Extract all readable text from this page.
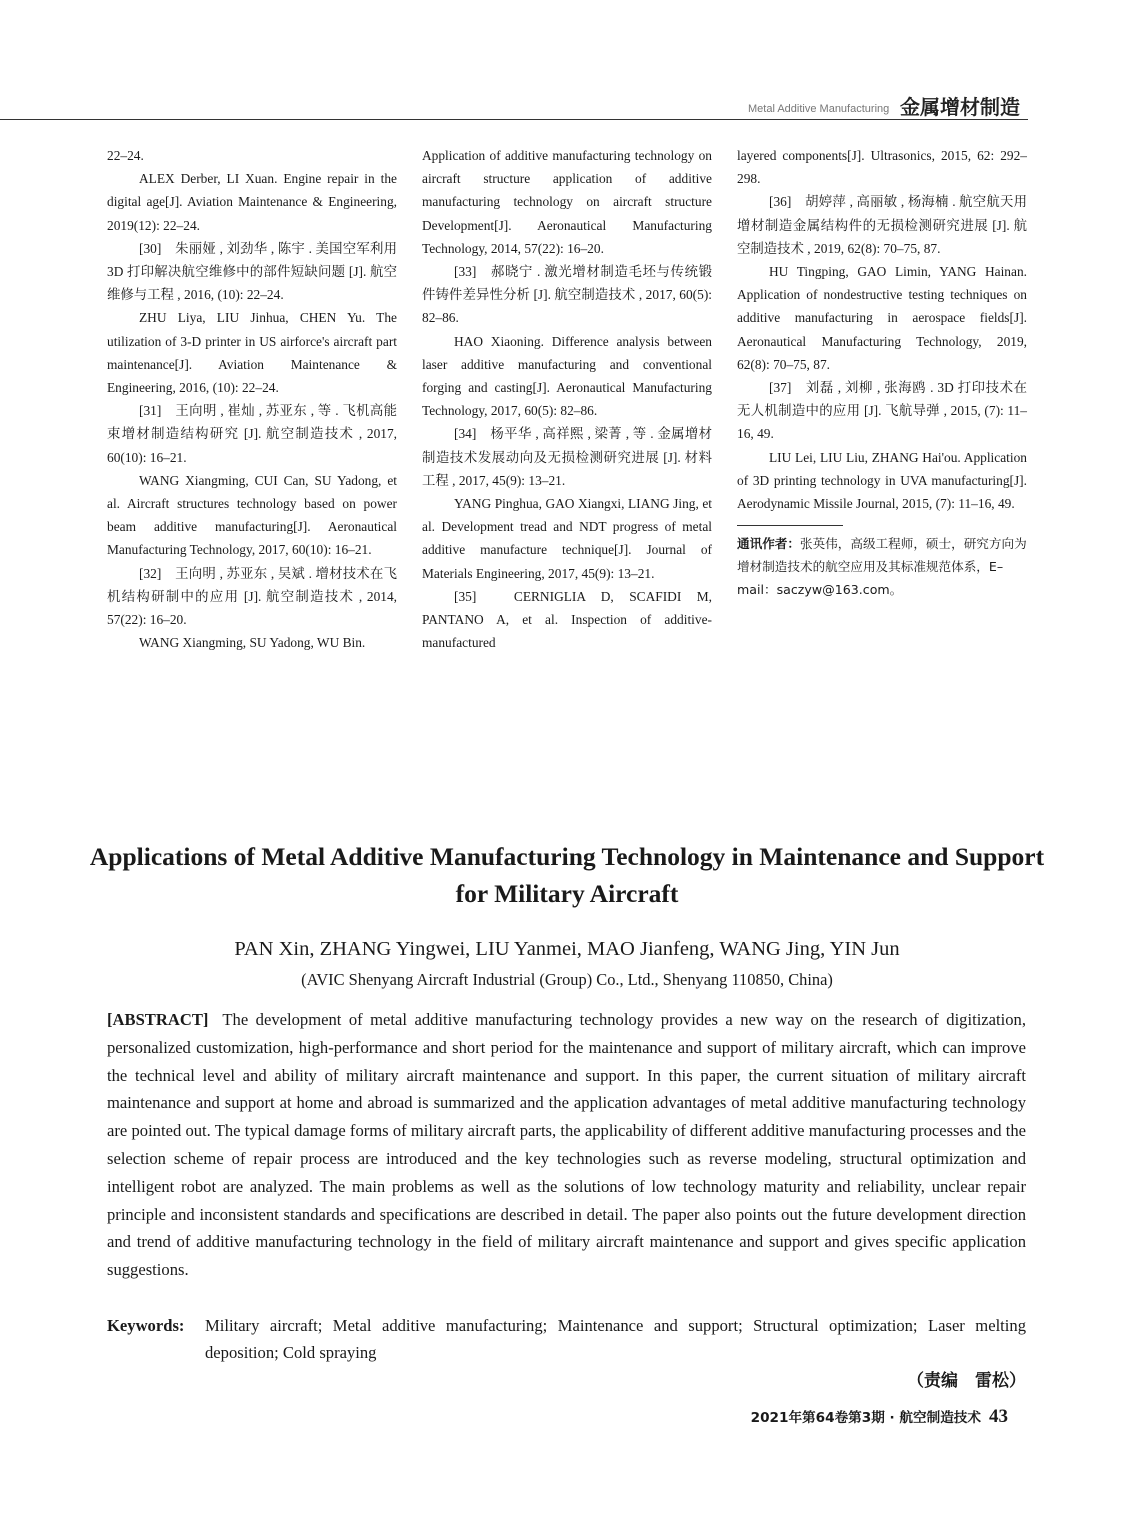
Metal Additive Manufacturing 金属增材制造

22–24.

ALEX Derber, LI Xuan. Engine repair in the digital age[J]. Aviation Maintenance & Engineering, 2019(12): 22–24.

[30]　朱丽娅 , 刘劲华 , 陈宇 . 美国空军利用 3D 打印解决航空维修中的部件短缺问题 [J]. 航空维修与工程 , 2016, (10): 22–24.

ZHU Liya, LIU Jinhua, CHEN Yu. The utilization of 3-D printer in US airforce's aircraft part maintenance[J]. Aviation Maintenance & Engineering, 2016, (10): 22–24.

[31]　王向明 , 崔灿 , 苏亚东 , 等 . 飞机高能束增材制造结构研究 [J]. 航空制造技术 , 2017, 60(10): 16–21.

WANG Xiangming, CUI Can, SU Yadong, et al. Aircraft structures technology based on power beam additive manufacturing[J]. Aeronautical Manufacturing Technology, 2017, 60(10): 16–21.

[32]　王向明 , 苏亚东 , 吴斌 . 增材技术在飞机结构研制中的应用 [J]. 航空制造技术 , 2014, 57(22): 16–20.

WANG Xiangming, SU Yadong, WU Bin.

Application of additive manufacturing technology on aircraft structure application of additive manufacturing technology on aircraft structure Development[J]. Aeronautical Manufacturing Technology, 2014, 57(22): 16–20.

[33]　郝晓宁 . 激光增材制造毛坯与传统锻件铸件差异性分析 [J]. 航空制造技术 , 2017, 60(5): 82–86.

HAO Xiaoning. Difference analysis between laser additive manufacturing and conventional forging and casting[J]. Aeronautical Manufacturing Technology, 2017, 60(5): 82–86.

[34]　杨平华 , 高祥熙 , 梁菁 , 等 . 金属增材制造技术发展动向及无损检测研究进展 [J]. 材料工程 , 2017, 45(9): 13–21.

YANG Pinghua, GAO Xiangxi, LIANG Jing, et al. Development tread and NDT progress of metal additive manufacture technique[J]. Journal of Materials Engineering, 2017, 45(9): 13–21.

[35]　CERNIGLIA D, SCAFIDI M, PANTANO A, et al. Inspection of additive-manufactured

layered components[J]. Ultrasonics, 2015, 62: 292–298.

[36]　胡婷萍 , 高丽敏 , 杨海楠 . 航空航天用增材制造金属结构件的无损检测研究进展 [J]. 航空制造技术 , 2019, 62(8): 70–75, 87.

HU Tingping, GAO Limin, YANG Hainan. Application of nondestructive testing techniques on additive manufacturing in aerospace fields[J]. Aeronautical Manufacturing Technology, 2019, 62(8): 70–75, 87.

[37]　刘磊 , 刘柳 , 张海鸥 . 3D 打印技术在无人机制造中的应用 [J]. 飞航导弹 , 2015, (7): 11–16, 49.

LIU Lei, LIU Liu, ZHANG Hai'ou. Application of 3D printing technology in UVA manufacturing[J]. Aerodynamic Missile Journal, 2015, (7): 11–16, 49.

通讯作者：张英伟，高级工程师，硕士，研究方向为增材制造技术的航空应用及其标准规范体系，E–mail：saczyw@163.com。
Applications of Metal Additive Manufacturing Technology in Maintenance and Support for Military Aircraft
PAN Xin, ZHANG Yingwei, LIU Yanmei, MAO Jianfeng, WANG Jing, YIN Jun
(AVIC Shenyang Aircraft Industrial (Group) Co., Ltd., Shenyang 110850, China)

[ABSTRACT] The development of metal additive manufacturing technology provides a new way on the research of digitization, personalized customization, high-performance and short period for the maintenance and support of military aircraft, which can improve the technical level and ability of military aircraft maintenance and support. In this paper, the current situation of military aircraft maintenance and support at home and abroad is summarized and the application advantages of metal additive manufacturing technology are pointed out. The typical damage forms of military aircraft parts, the applicability of different additive manufacturing processes and the selection scheme of repair process are introduced and the key technologies such as reverse modeling, structural optimization and intelligent robot are analyzed. The main problems as well as the solutions of low technology maturity and reliability, unclear repair principle and inconsistent standards and specifications are described in detail. The paper also points out the future development direction and trend of additive manufacturing technology in the field of military aircraft maintenance and support and gives specific application suggestions.

Keywords: Military aircraft; Metal additive manufacturing; Maintenance and support; Structural optimization; Laser melting deposition; Cold spraying
（责编　雷松）
2021年第64卷第3期 · 航空制造技术 43
